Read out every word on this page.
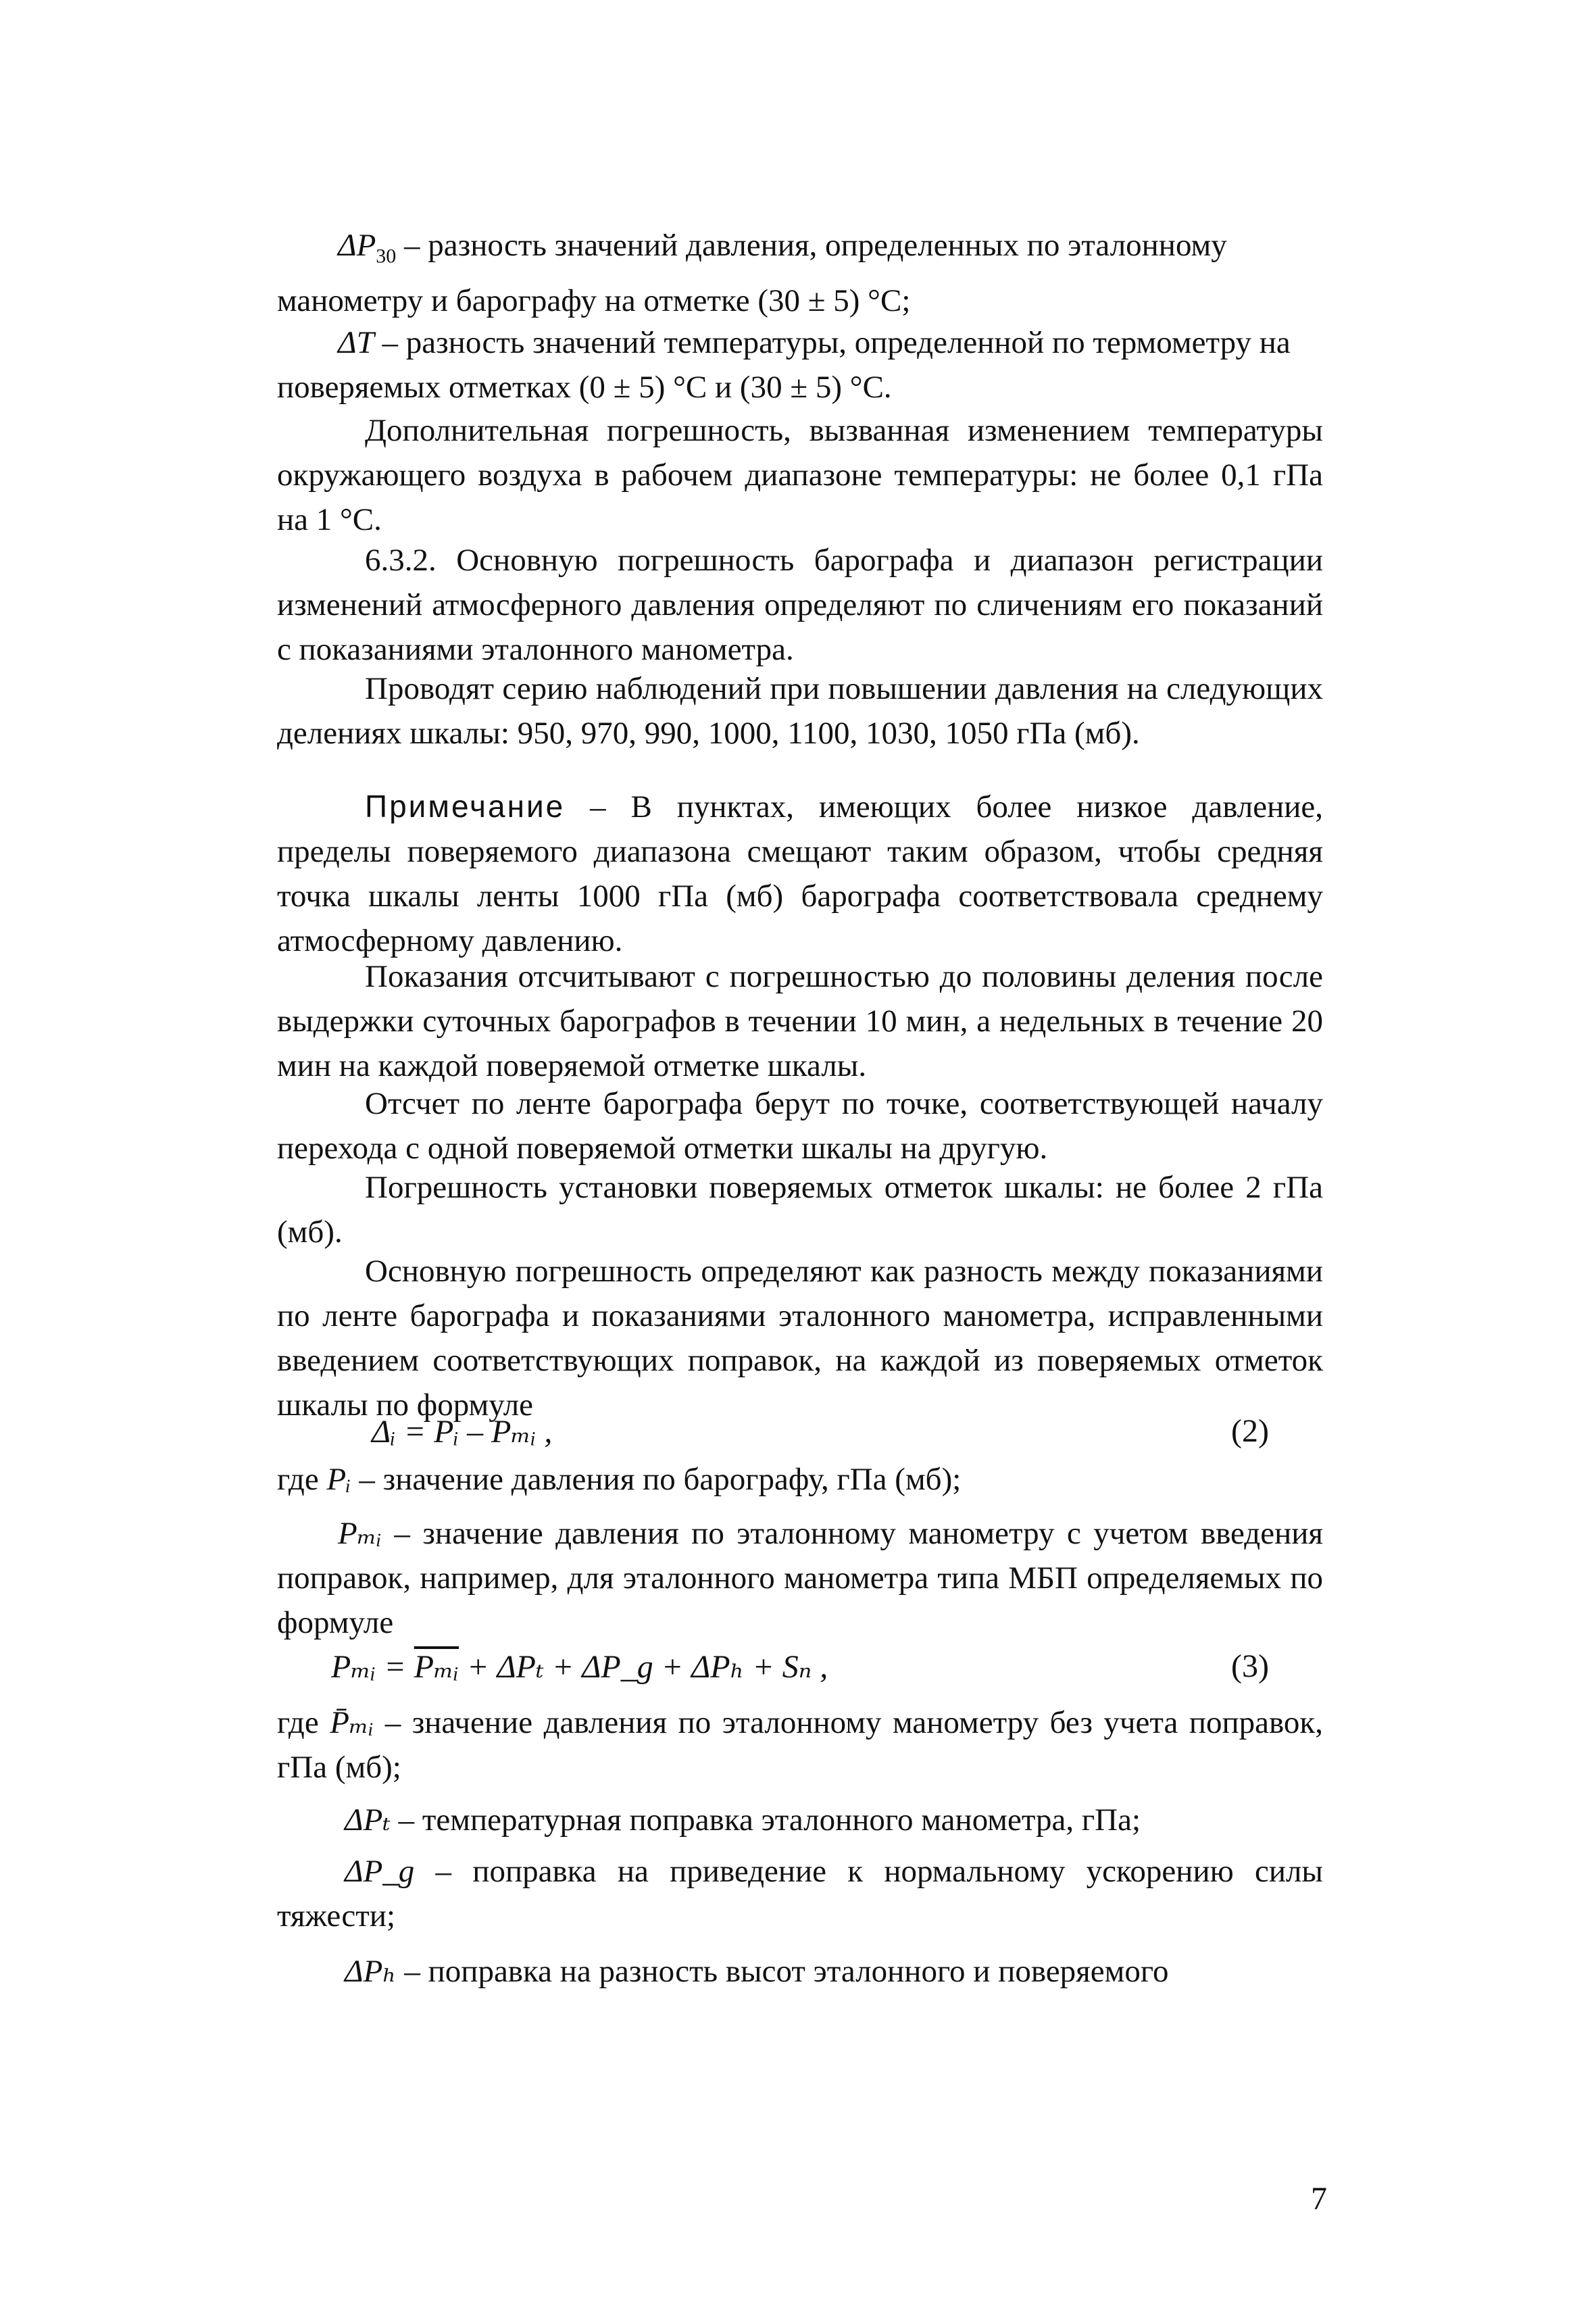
$\Delta P_{30}$ – разность значений давления, определенных по эталонному манометру и барографу на отметке (30 ± 5) °С;

ΔT – разность значений температуры, определенной по термометру на поверяемых отметках (0 ± 5) °С и (30 ± 5) °С.

Дополнительная погрешность, вызванная изменением температуры окружающего воздуха в рабочем диапазоне температуры: не более 0,1 гПа на 1 °С.

6.3.2. Основную погрешность барографа и диапазон регистрации изменений атмосферного давления определяют по сличениям его показаний с показаниями эталонного манометра.

Проводят серию наблюдений при повышении давления на следующих делениях шкалы: 950, 970, 990, 1000, 1100, 1030, 1050 гПа (мб).

Примечание – В пунктах, имеющих более низкое давление, пределы поверяемого диапазона смещают таким образом, чтобы средняя точка шкалы ленты 1000 гПа (мб) барографа соответствовала среднему атмосферному давлению.

Показания отсчитывают с погрешностью до половины деления после выдержки суточных барографов в течении 10 мин, а недельных в течение 20 мин на каждой поверяемой отметке шкалы.

Отсчет по ленте барографа берут по точке, соответствующей началу перехода с одной поверяемой отметки шкалы на другую.

Погрешность установки поверяемых отметок шкалы: не более 2 гПа (мб).

Основную погрешность определяют как разность между показаниями по ленте барографа и показаниями эталонного манометра, исправленными введением соответствующих поправок, на каждой из поверяемых отметок шкалы по формуле

Δᵢ = Pᵢ – Pₘᵢ ,	(2)

где Pᵢ – значение давления по барографу, гПа (мб);

Pₘᵢ – значение давления по эталонному манометру с учетом введения поправок, например, для эталонного манометра типа МБП определяемых по формуле

Pₘᵢ = $\overline{P_mᵢ} + \Delta P_t$ + ΔP_g + ΔPₕ + Sₙ ,	(3)

где P̄ₘᵢ – значение давления по эталонному манометру без учета поправок, гПа (мб);

ΔPₜ – температурная поправка эталонного манометра, гПа;

ΔP_g – поправка на приведение к нормальному ускорению силы тяжести;

ΔPₕ – поправка на разность высот эталонного и поверяемого

7
